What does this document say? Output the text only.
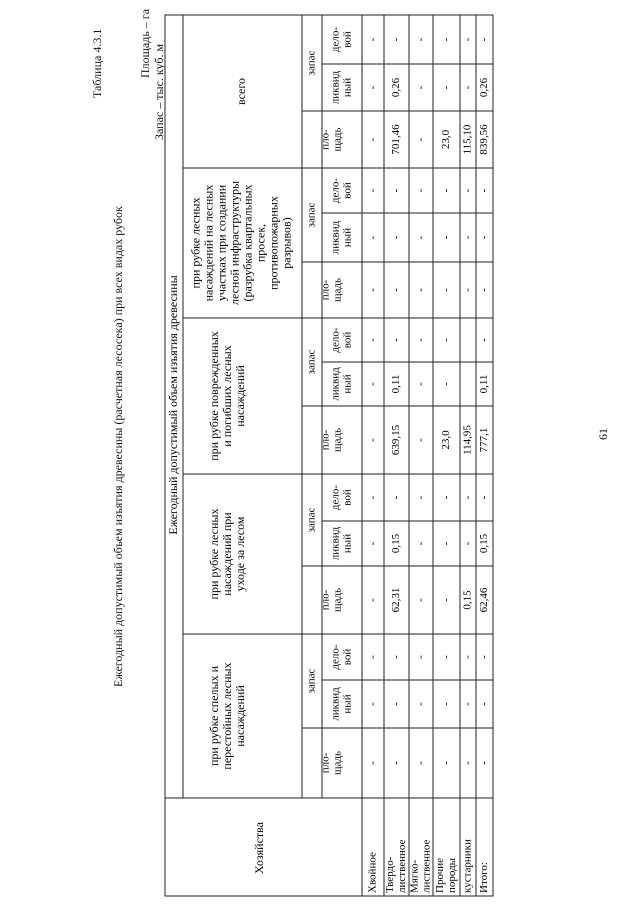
Таблица 4.3.1
Ежегодный допустимый объем изъятия древесины (расчетная лесосека) при всех видах рубок
Площадь – га
Запас – тыс. куб. м
Хозяйства
Ежегодный допустимый объем изъятия древесины
при рубке спелых и перестойных лесных насаждений
при рубке лесных насаждений при уходе за лесом
при рубке поврежденных и погибших лесных насаждений
при рубке лесных насаждений на лесных участках при создании лесной инфраструктуры (разрубка квартальных просек, противопожарных разрывов)
всего
пло- щадь
запас
ликвид ный
дело- вой
пло- щадь
запас
ликвид ный
дело- вой
пло- щадь
запас
ликвид ный
дело- вой
пло- щадь
запас
ликвид ный
дело- вой
пло- щадь
запас
ликвид ный
дело- вой
Хвойное
-
-
-
-
-
-
-
-
-
-
-
-
-
-
-
Твердо- лиственное
-
-
-
62,31
0,15
-
639,15
0,11
-
-
-
-
701,46
0,26
-
Мягко- лиственное
-
-
-
-
-
-
-
-
-
-
-
-
-
-
-
Прочие породы
-
-
-
-
-
-
23,0
-
-
-
-
-
23,0
-
-
кустарники
-
-
-
0,15
-
-
114,95
-
-
-
115,10
-
-
Итого:
-
-
-
62,46
0,15
-
777,1
0,11
-
-
-
-
839,56
0,26
-
61
